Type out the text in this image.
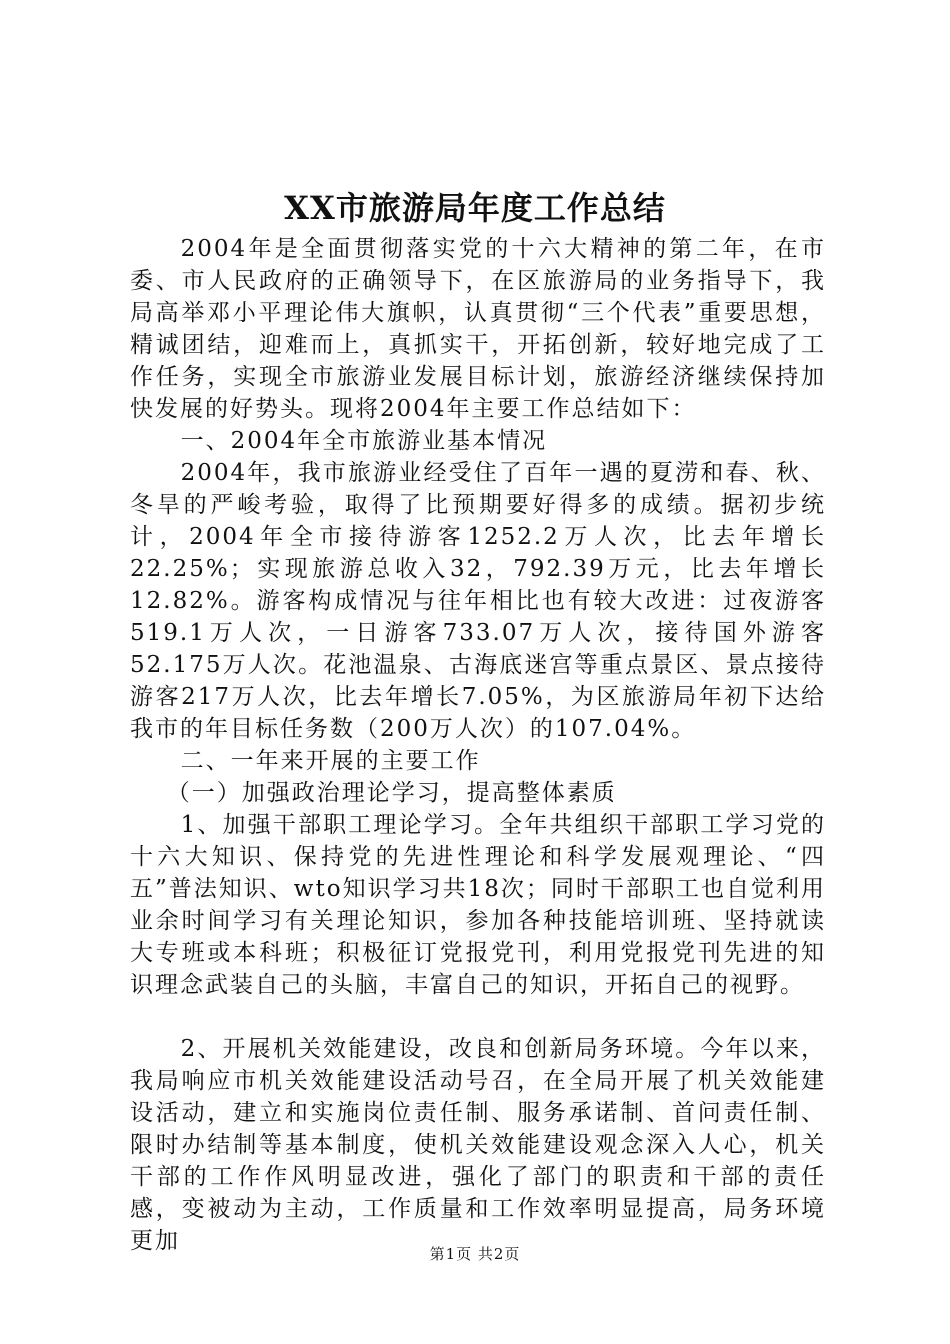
XX市旅游局年度工作总结

2004年是全面贯彻落实党的十六大精神的第二年，在市委、市人民政府的正确领导下，在区旅游局的业务指导下，我局高举邓小平理论伟大旗帜，认真贯彻“三个代表”重要思想，精诚团结，迎难而上，真抓实干，开拓创新，较好地完成了工作任务，实现全市旅游业发展目标计划，旅游经济继续保持加快发展的好势头。现将2004年主要工作总结如下：

一、2004年全市旅游业基本情况

2004年，我市旅游业经受住了百年一遇的夏涝和春、秋、冬旱的严峻考验，取得了比预期要好得多的成绩。据初步统计，2004年全市接待游客1252.2万人次，比去年增长22.25%；实现旅游总收入32，792.39万元，比去年增长12.82%。游客构成情况与往年相比也有较大改进：过夜游客519.1万人次，一日游客733.07万人次，接待国外游客52.175万人次。花池温泉、古海底迷宫等重点景区、景点接待游客217万人次，比去年增长7.05%，为区旅游局年初下达给我市的年目标任务数（200万人次）的107.04%。

二、一年来开展的主要工作

（一）加强政治理论学习，提高整体素质

1、加强干部职工理论学习。全年共组织干部职工学习党的十六大知识、保持党的先进性理论和科学发展观理论、“四五”普法知识、wto知识学习共18次；同时干部职工也自觉利用业余时间学习有关理论知识，参加各种技能培训班、坚持就读大专班或本科班；积极征订党报党刊，利用党报党刊先进的知识理念武装自己的头脑，丰富自己的知识，开拓自己的视野。

2、开展机关效能建设，改良和创新局务环境。今年以来，我局响应市机关效能建设活动号召，在全局开展了机关效能建设活动，建立和实施岗位责任制、服务承诺制、首问责任制、限时办结制等基本制度，使机关效能建设观念深入人心，机关干部的工作作风明显改进，强化了部门的职责和干部的责任感，变被动为主动，工作质量和工作效率明显提高，局务环境更加	第1页 共2页
